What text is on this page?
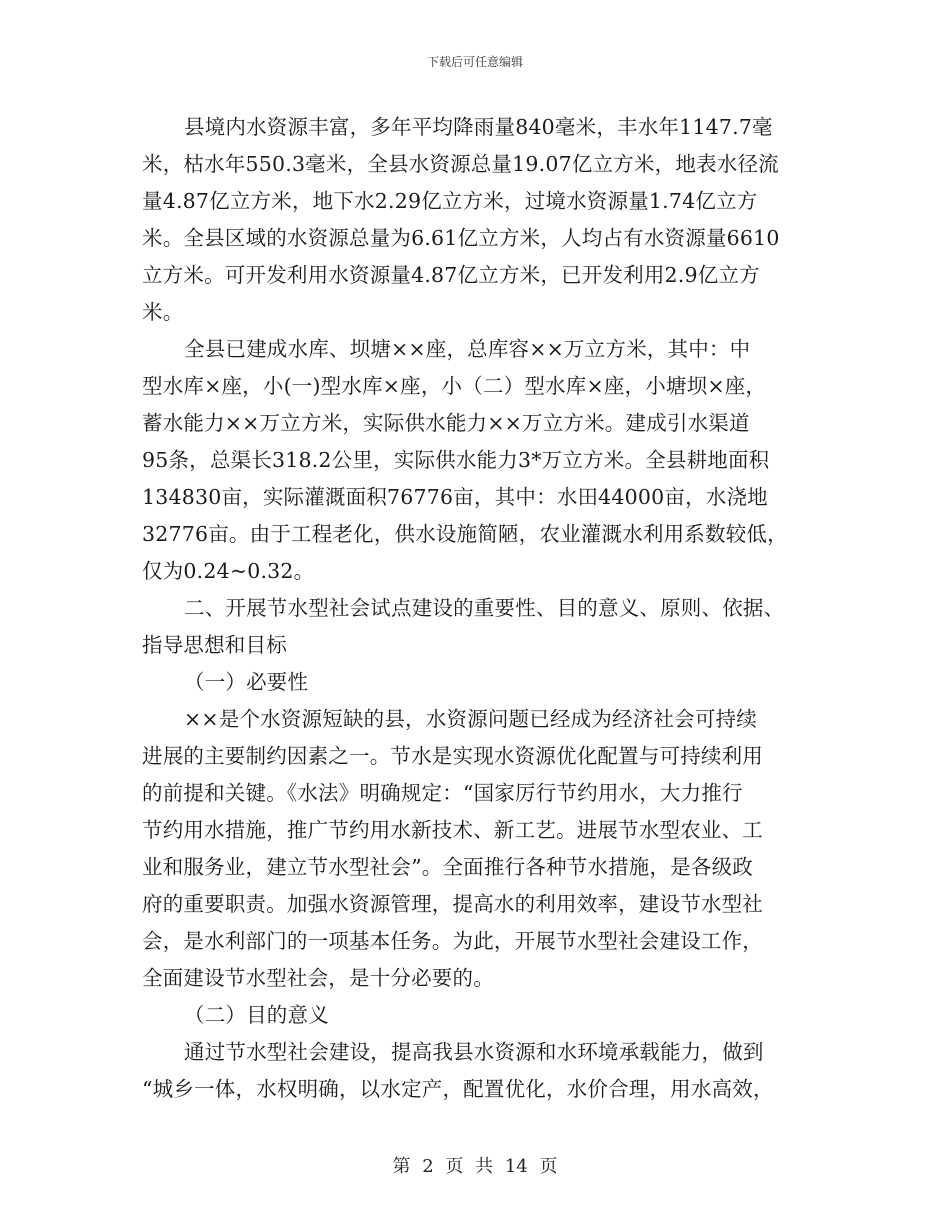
下载后可任意编辑
县境内水资源丰富，多年平均降雨量840毫米，丰水年1147.7毫
米，枯水年550.3毫米，全县水资源总量19.07亿立方米，地表水径流
量4.87亿立方米，地下水2.29亿立方米，过境水资源量1.74亿立方
米。全县区域的水资源总量为6.61亿立方米，人均占有水资源量6610
立方米。可开发利用水资源量4.87亿立方米，已开发利用2.9亿立方
米。
全县已建成水库、坝塘××座，总库容××万立方米，其中：中
型水库×座，小(一)型水库×座，小（二）型水库×座，小塘坝×座，
蓄水能力××万立方米，实际供水能力××万立方米。建成引水渠道
95条，总渠长318.2公里，实际供水能力3*万立方米。全县耕地面积
134830亩，实际灌溉面积76776亩，其中：水田44000亩，水浇地
32776亩。由于工程老化，供水设施简陋，农业灌溉水利用系数较低，
仅为0.24~0.32。
二、开展节水型社会试点建设的重要性、目的意义、原则、依据、
指导思想和目标
（一）必要性
××是个水资源短缺的县，水资源问题已经成为经济社会可持续
进展的主要制约因素之一。节水是实现水资源优化配置与可持续利用
的前提和关键。《水法》明确规定：“国家厉行节约用水，大力推行
节约用水措施，推广节约用水新技术、新工艺。进展节水型农业、工
业和服务业，建立节水型社会”。全面推行各种节水措施，是各级政
府的重要职责。加强水资源管理，提高水的利用效率，建设节水型社
会，是水利部门的一项基本任务。为此，开展节水型社会建设工作，
全面建设节水型社会，是十分必要的。
（二）目的意义
通过节水型社会建设，提高我县水资源和水环境承载能力，做到
“城乡一体，水权明确，以水定产，配置优化，水价合理，用水高效，
第 2 页 共 14 页
